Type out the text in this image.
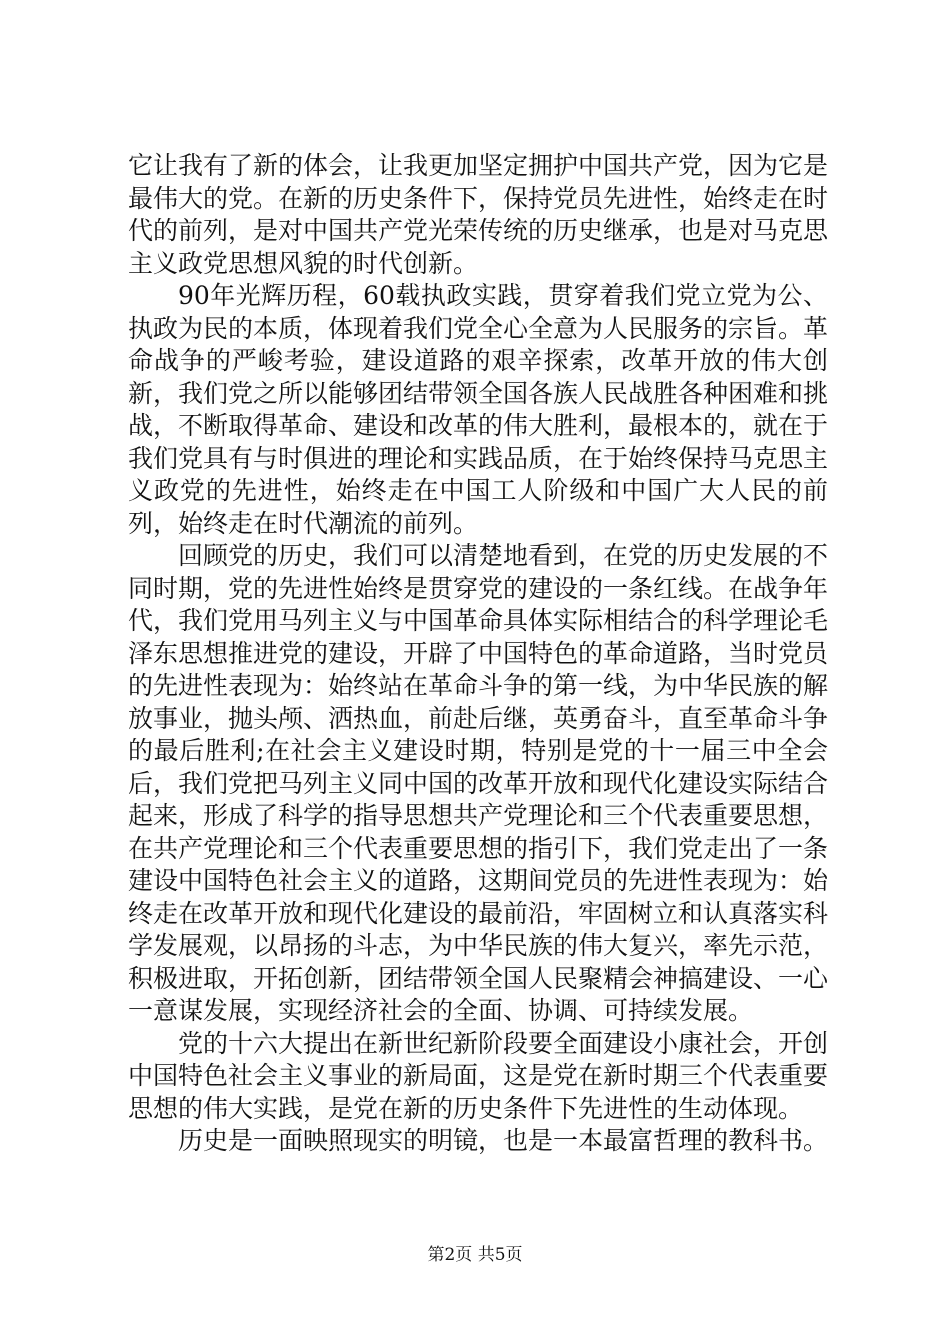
它让我有了新的体会，让我更加坚定拥护中国共产党，因为它是最伟大的党。在新的历史条件下，保持党员先进性，始终走在时代的前列，是对中国共产党光荣传统的历史继承，也是对马克思主义政党思想风貌的时代创新。

90年光辉历程，60载执政实践，贯穿着我们党立党为公、执政为民的本质，体现着我们党全心全意为人民服务的宗旨。革命战争的严峻考验，建设道路的艰辛探索，改革开放的伟大创新，我们党之所以能够团结带领全国各族人民战胜各种困难和挑战，不断取得革命、建设和改革的伟大胜利，最根本的，就在于我们党具有与时俱进的理论和实践品质，在于始终保持马克思主义政党的先进性，始终走在中国工人阶级和中国广大人民的前列，始终走在时代潮流的前列。

回顾党的历史，我们可以清楚地看到，在党的历史发展的不同时期，党的先进性始终是贯穿党的建设的一条红线。在战争年代，我们党用马列主义与中国革命具体实际相结合的科学理论毛泽东思想推进党的建设，开辟了中国特色的革命道路，当时党员的先进性表现为：始终站在革命斗争的第一线，为中华民族的解放事业，抛头颅、洒热血，前赴后继，英勇奋斗，直至革命斗争的最后胜利;在社会主义建设时期，特别是党的十一届三中全会后，我们党把马列主义同中国的改革开放和现代化建设实际结合起来，形成了科学的指导思想共产党理论和三个代表重要思想，在共产党理论和三个代表重要思想的指引下，我们党走出了一条建设中国特色社会主义的道路，这期间党员的先进性表现为：始终走在改革开放和现代化建设的最前沿，牢固树立和认真落实科学发展观，以昂扬的斗志，为中华民族的伟大复兴，率先示范，积极进取，开拓创新，团结带领全国人民聚精会神搞建设、一心一意谋发展，实现经济社会的全面、协调、可持续发展。

党的十六大提出在新世纪新阶段要全面建设小康社会，开创中国特色社会主义事业的新局面，这是党在新时期三个代表重要思想的伟大实践，是党在新的历史条件下先进性的生动体现。

历史是一面映照现实的明镜，也是一本最富哲理的教科书。

第2页 共5页
